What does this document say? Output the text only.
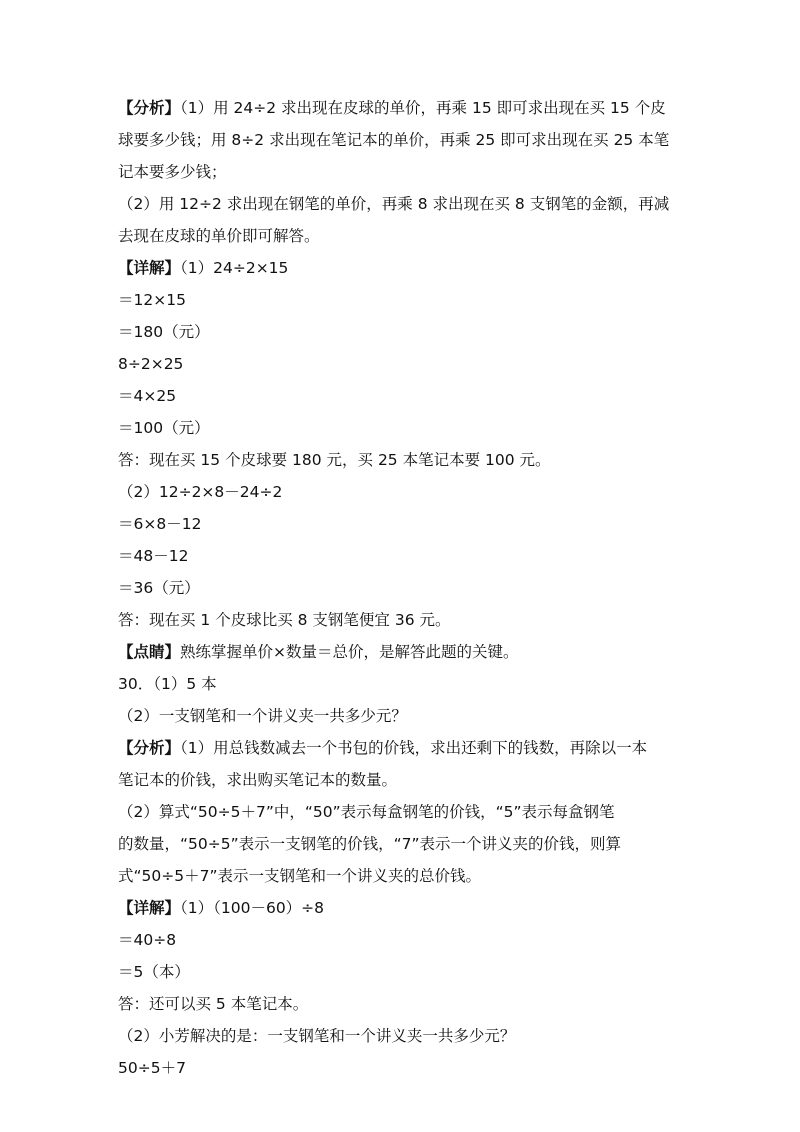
【分析】（1）用 24÷2 求出现在皮球的单价，再乘 15 即可求出现在买 15 个皮
球要多少钱；用 8÷2 求出现在笔记本的单价，再乘 25 即可求出现在买 25 本笔
记本要多少钱；
（2）用 12÷2 求出现在钢笔的单价，再乘 8 求出现在买 8 支钢笔的金额，再减
去现在皮球的单价即可解答。
【详解】（1）24÷2×15
＝12×15
＝180（元）
8÷2×25
＝4×25
＝100（元）
答：现在买 15 个皮球要 180 元，买 25 本笔记本要 100 元。
（2）12÷2×8－24÷2
＝6×8－12
＝48－12
＝36（元）
答：现在买 1 个皮球比买 8 支钢笔便宜 36 元。
【点睛】熟练掌握单价×数量＝总价，是解答此题的关键。
30．（1）5 本
（2）一支钢笔和一个讲义夹一共多少元？
【分析】（1）用总钱数减去一个书包的价钱，求出还剩下的钱数，再除以一本
笔记本的价钱，求出购买笔记本的数量。
（2）算式“50÷5＋7”中，“50”表示每盒钢笔的价钱，“5”表示每盒钢笔
的数量，“50÷5”表示一支钢笔的价钱，“7”表示一个讲义夹的价钱，则算
式“50÷5＋7”表示一支钢笔和一个讲义夹的总价钱。
【详解】（1）（100－60）÷8
＝40÷8
＝5（本）
答：还可以买 5 本笔记本。
（2）小芳解决的是：一支钢笔和一个讲义夹一共多少元？
50÷5＋7
